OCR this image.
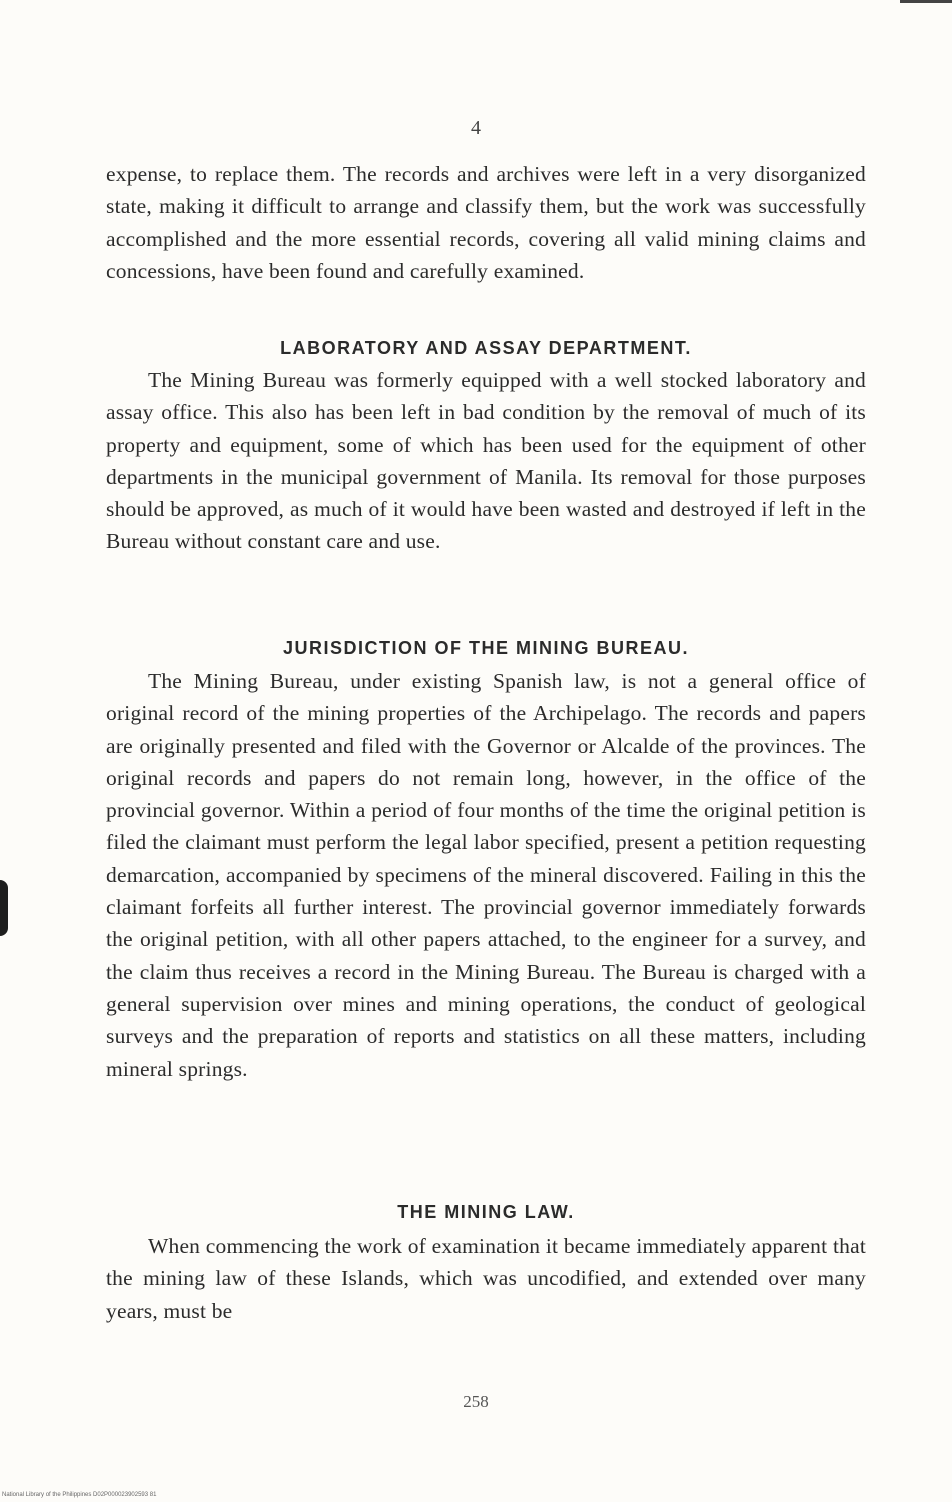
4

expense, to replace them. The records and archives were left in a very disorganized state, making it difficult to arrange and classify them, but the work was successfully accomplished and the more essential records, covering all valid mining claims and concessions, have been found and carefully examined.

LABORATORY AND ASSAY DEPARTMENT.

The Mining Bureau was formerly equipped with a well stocked laboratory and assay office. This also has been left in bad condition by the removal of much of its property and equipment, some of which has been used for the equipment of other departments in the municipal government of Manila. Its removal for those purposes should be approved, as much of it would have been wasted and destroyed if left in the Bureau without constant care and use.

JURISDICTION OF THE MINING BUREAU.

The Mining Bureau, under existing Spanish law, is not a general office of original record of the mining properties of the Archipelago. The records and papers are originally presented and filed with the Governor or Alcalde of the provinces. The original records and papers do not remain long, however, in the office of the provincial governor. Within a period of four months of the time the original petition is filed the claimant must perform the legal labor specified, present a petition requesting demarcation, accompanied by specimens of the mineral discovered. Failing in this the claimant forfeits all further interest. The provincial governor immediately forwards the original petition, with all other papers attached, to the engineer for a survey, and the claim thus receives a record in the Mining Bureau. The Bureau is charged with a general supervision over mines and mining operations, the conduct of geological surveys and the preparation of reports and statistics on all these matters, including mineral springs.

THE MINING LAW.

When commencing the work of examination it became immediately apparent that the mining law of these Islands, which was uncodified, and extended over many years, must be

258
National Library of the Philippines D02P000023902593 81
